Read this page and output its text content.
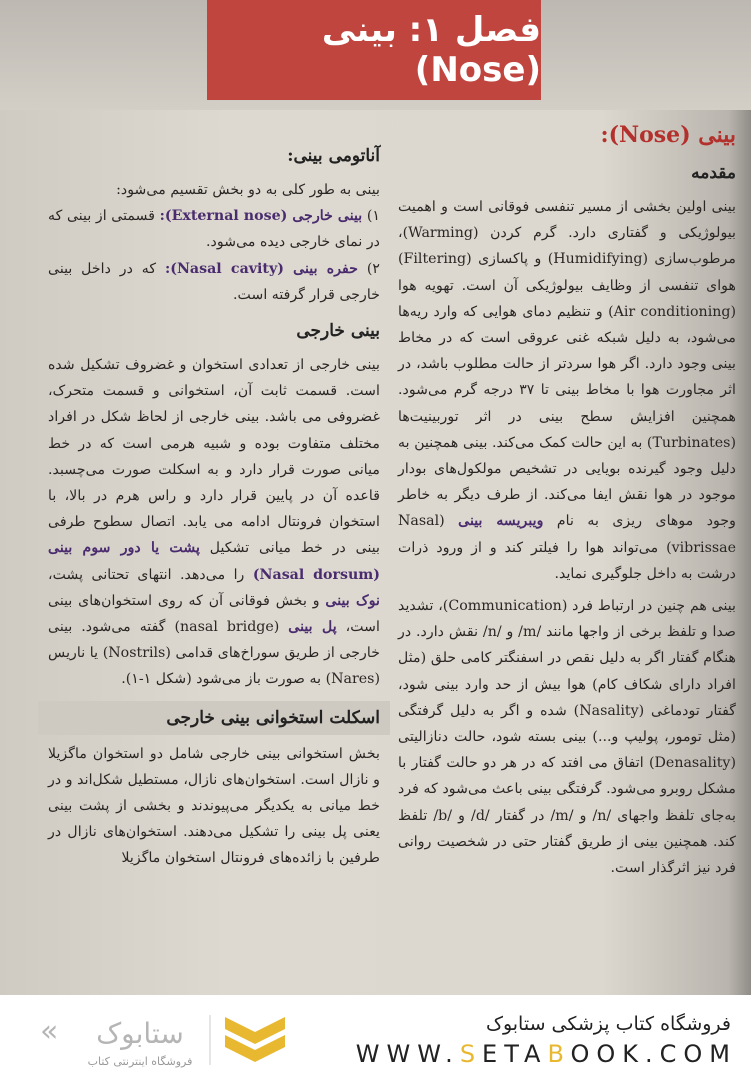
فصل ۱: بینی (Nose)
بینی (Nose):
مقدمه

بینی اولین بخشی از مسیر تنفسی فوقانی است و اهمیت بیولوژیکی و گفتاری دارد. گرم کردن (Warming)، مرطوب‌سازی (Humidifying) و پاکسازی (Filtering) هوای تنفسی از وظایف بیولوژیکی آن است. تهویه هوا (Air conditioning) و تنظیم دمای هوایی که وارد ریه‌ها می‌شود، به دلیل شبکه غنی عروقی است که در مخاط بینی وجود دارد. اگر هوا سردتر از حالت مطلوب باشد، در اثر مجاورت هوا با مخاط بینی تا ۳۷ درجه گرم می‌شود. همچنین افزایش سطح بینی در اثر توربینیت‌ها (Turbinates) به این حالت کمک می‌کند. بینی همچنین به دلیل وجود گیرنده بویایی در تشخیص مولکول‌های بودار موجود در هوا نقش ایفا می‌کند. از طرف دیگر به خاطر وجود موهای ریزی به نام ویبریسه بینی (Nasal vibrissae) می‌تواند هوا را فیلتر کند و از ورود ذرات درشت به داخل جلوگیری نماید.

بینی هم چنین در ارتباط فرد (Communication)، تشدید صدا و تلفظ برخی از واجها مانند /m/ و /n/ نقش دارد. در هنگام گفتار اگر به دلیل نقص در اسفنگتر کامی حلق (مثل افراد دارای شکاف کام) هوا بیش از حد وارد بینی شود، گفتار تودماغی (Nasality) شده و اگر به دلیل گرفتگی (مثل تومور، پولیپ و...) بینی بسته شود، حالت دنازالیتی (Denasality) اتفاق می افتد که در هر دو حالت گفتار با مشکل روبرو می‌شود. گرفتگی بینی باعث می‌شود که فرد به‌جای تلفظ واجهای /n/ و /m/ در گفتار /d/ و /b/ تلفظ کند. همچنین بینی از طریق گفتار حتی در شخصیت روانی فرد نیز اثرگذار است.

آناتومی بینی:

بینی به طور کلی به دو بخش تقسیم می‌شود:

۱) بینی خارجی (External nose): قسمتی از بینی که در نمای خارجی دیده می‌شود.

۲) حفره بینی (Nasal cavity): که در داخل بینی خارجی قرار گرفته است.

بینی خارجی

بینی خارجی از تعدادی استخوان و غضروف تشکیل شده است. قسمت ثابت آن، استخوانی و قسمت متحرک، غضروفی می باشد. بینی خارجی از لحاظ شکل در افراد مختلف متفاوت بوده و شبیه هرمی است که در خط میانی صورت قرار دارد و به اسکلت صورت می‌چسبد. قاعده آن در پایین قرار دارد و راس هرم در بالا، با استخوان فرونتال ادامه می یابد. اتصال سطوح طرفی بینی در خط میانی تشکیل پشت یا دور سوم بینی (Nasal dorsum) را می‌دهد. انتهای تحتانی پشت، نوک بینی و بخش فوقانی آن که روی استخوان‌های بینی است، پل بینی (nasal bridge) گفته می‌شود. بینی خارجی از طریق سوراخ‌های قدامی (Nostrils) یا ناریس (Nares) به صورت باز می‌شود (شکل ۱-۱).

اسکلت استخوانی بینی خارجی

بخش استخوانی بینی خارجی شامل دو استخوان ماگزیلا و نازال است. استخوان‌های نازال، مستطیل شکل‌اند و در خط میانی به یکدیگر می‌پیوندند و بخشی از پشت بینی یعنی پل بینی را تشکیل می‌دهند. استخوان‌های نازال در طرفین با زائده‌های فرونتال استخوان ماگزیلا

« ستابوک
فروشگاه اینترنتی کتاب
فروشگاه کتاب پزشکی ستابوک
WWW.SETABOOK.COM
